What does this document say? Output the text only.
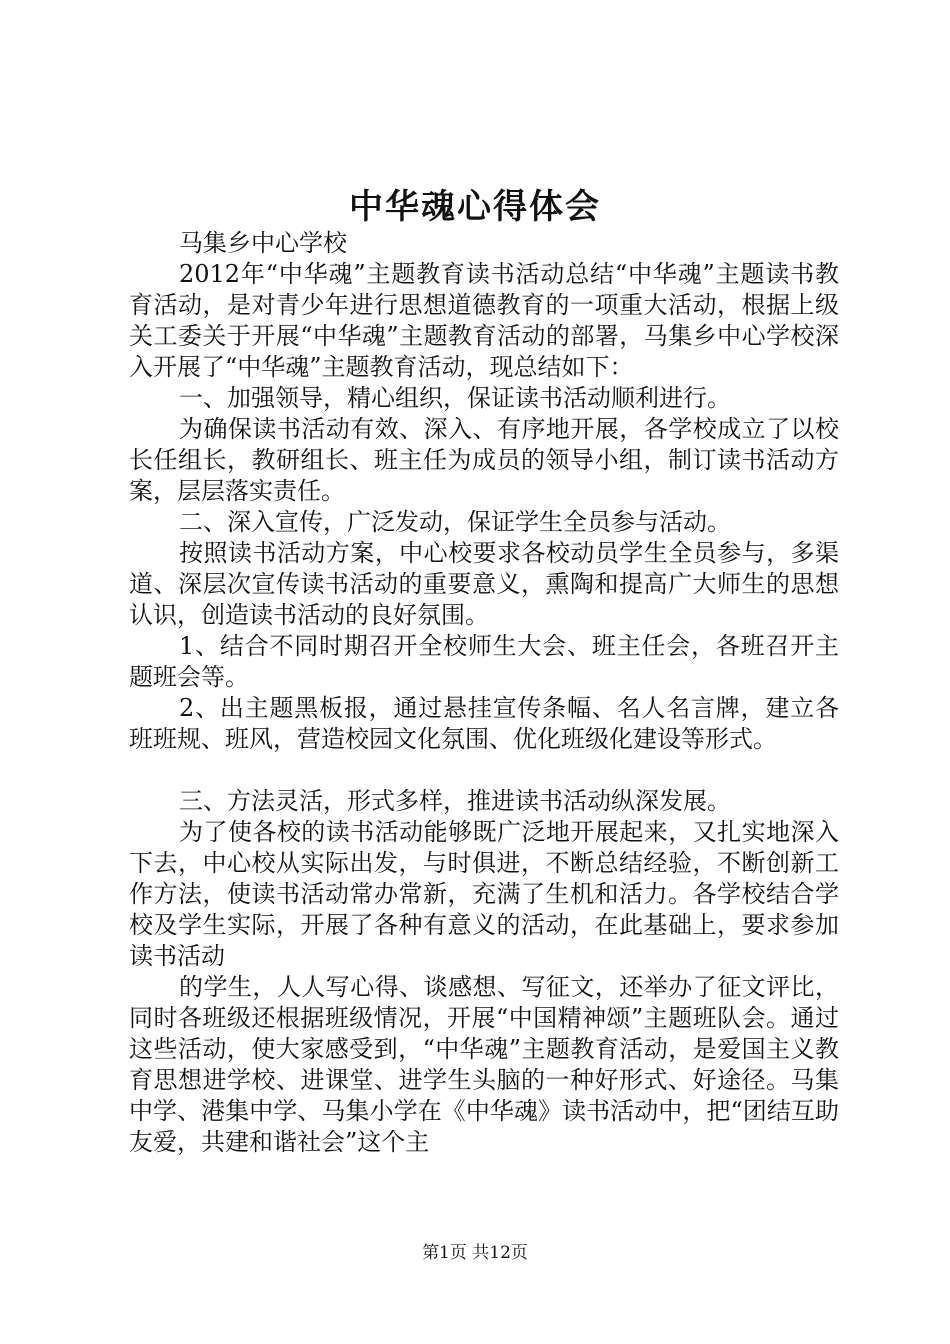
中华魂心得体会

马集乡中心学校

2012年“中华魂”主题教育读书活动总结“中华魂”主题读书教育活动，是对青少年进行思想道德教育的一项重大活动，根据上级关工委关于开展“中华魂”主题教育活动的部署，马集乡中心学校深入开展了“中华魂”主题教育活动，现总结如下：

一、加强领导，精心组织，保证读书活动顺利进行。

为确保读书活动有效、深入、有序地开展，各学校成立了以校长任组长，教研组长、班主任为成员的领导小组，制订读书活动方案，层层落实责任。

二、深入宣传，广泛发动，保证学生全员参与活动。

按照读书活动方案，中心校要求各校动员学生全员参与，多渠道、深层次宣传读书活动的重要意义，熏陶和提高广大师生的思想认识，创造读书活动的良好氛围。

1、结合不同时期召开全校师生大会、班主任会，各班召开主题班会等。

2、出主题黑板报，通过悬挂宣传条幅、名人名言牌，建立各班班规、班风，营造校园文化氛围、优化班级化建设等形式。

三、方法灵活，形式多样，推进读书活动纵深发展。

为了使各校的读书活动能够既广泛地开展起来，又扎实地深入下去，中心校从实际出发，与时俱进，不断总结经验，不断创新工作方法，使读书活动常办常新，充满了生机和活力。各学校结合学校及学生实际，开展了各种有意义的活动，在此基础上，要求参加读书活动

的学生，人人写心得、谈感想、写征文，还举办了征文评比，同时各班级还根据班级情况，开展“中国精神颂”主题班队会。通过这些活动，使大家感受到，“中华魂”主题教育活动，是爱国主义教育思想进学校、进课堂、进学生头脑的一种好形式、好途径。马集中学、港集中学、马集小学在《中华魂》读书活动中，把“团结互助友爱，共建和谐社会”这个主

第1页 共12页
